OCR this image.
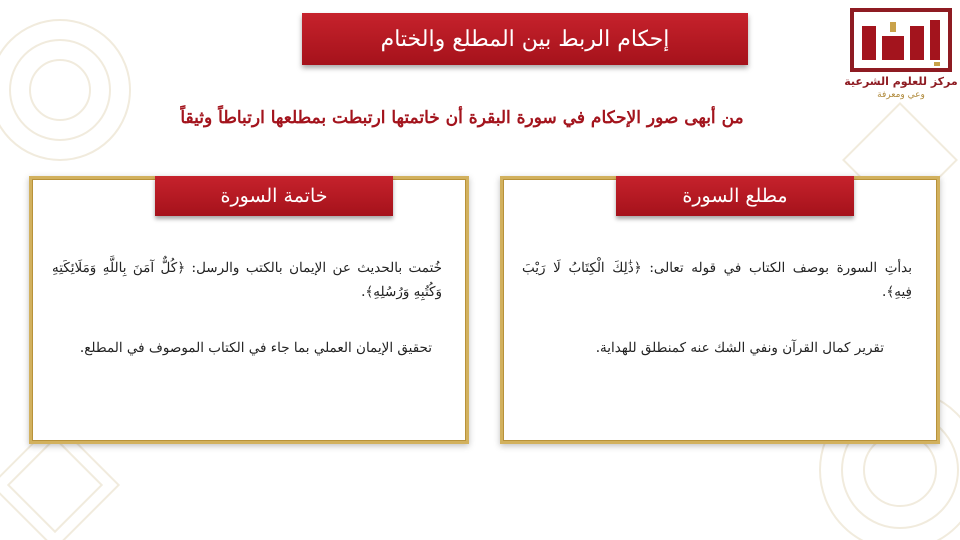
مركز للعلوم الشرعية
وعي ومعرفة
إحكام الربط بين المطلع والختام
من أبهى صور الإحكام في سورة البقرة أن خاتمتها ارتبطت بمطلعها ارتباطاً وثيقاً
مطلع السورة
بدأتِ السورة بوصف الكتاب في قوله تعالى: ﴿ذَٰلِكَ الْكِتَابُ لَا رَيْبَ فِيهِ﴾.
تقرير كمال القرآن ونفي الشك عنه كمنطلق للهداية.
خاتمة السورة
خُتمت بالحديث عن الإيمان بالكتب والرسل: ﴿كُلٌّ آمَنَ بِاللَّهِ وَمَلَائِكَتِهِ وَكُتُبِهِ وَرُسُلِهِ﴾.
تحقيق الإيمان العملي بما جاء في الكتاب الموصوف في المطلع.
